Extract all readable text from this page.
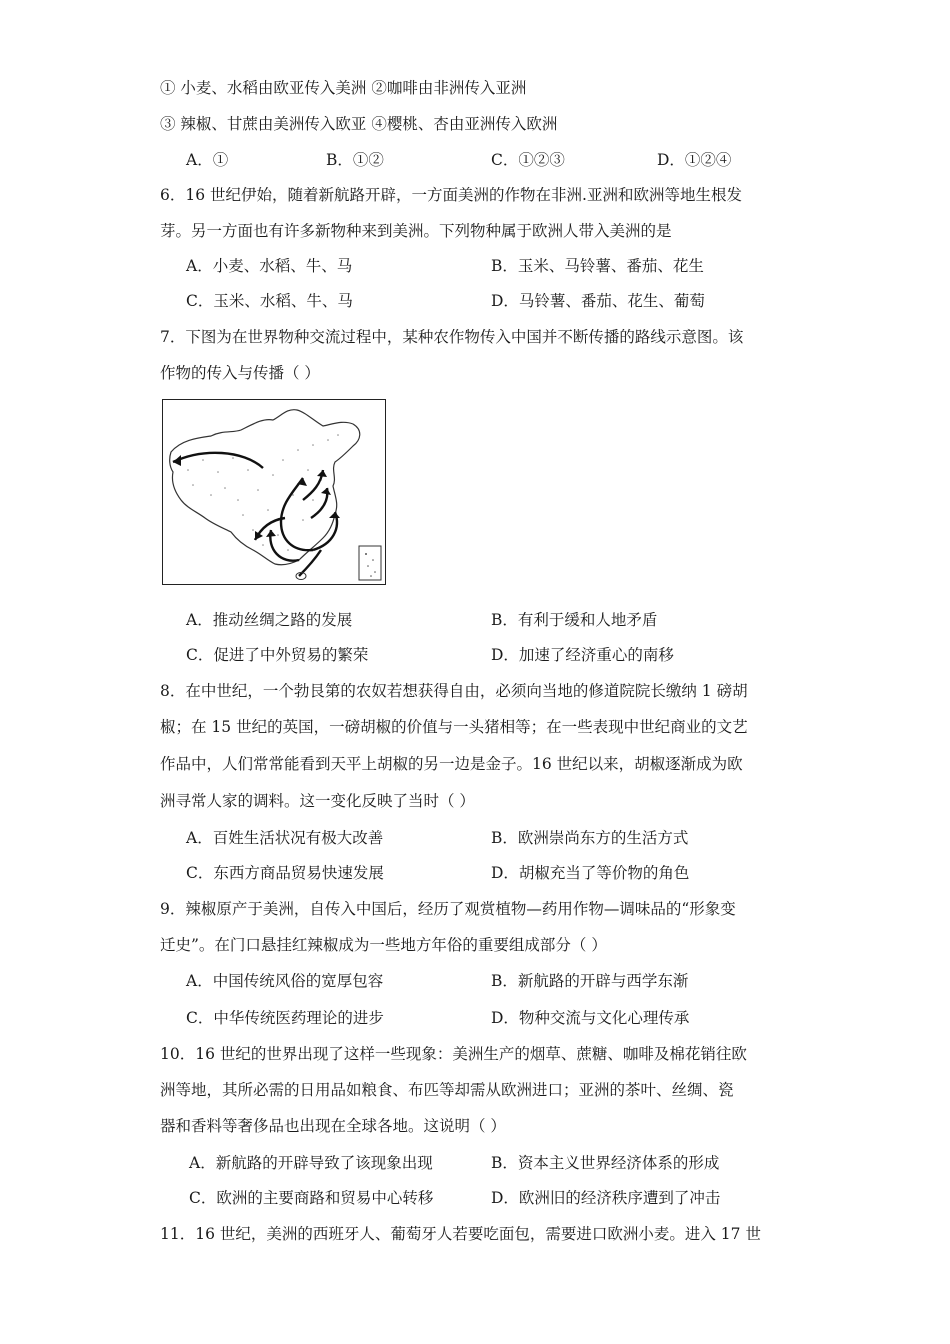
① 小麦、水稻由欧亚传入美洲 ②咖啡由非洲传入亚洲
③ 辣椒、甘蔗由美洲传入欧亚 ④樱桃、杏由亚洲传入欧洲
A．①	B．①②	C．①②③	D．①②④
6．16 世纪伊始，随着新航路开辟，一方面美洲的作物在非洲.亚洲和欧洲等地生根发
芽。另一方面也有许多新物种来到美洲。下列物种属于欧洲人带入美洲的是
A．小麦、水稻、牛、马	B．玉米、马铃薯、番茄、花生
C．玉米、水稻、牛、马	D．马铃薯、番茄、花生、葡萄
7．下图为在世界物种交流过程中，某种农作物传入中国并不断传播的路线示意图。该
作物的传入与传播（ ）
A．推动丝绸之路的发展	B．有利于缓和人地矛盾
C．促进了中外贸易的繁荣	D．加速了经济重心的南移
8．在中世纪，一个勃艮第的农奴若想获得自由，必须向当地的修道院院长缴纳 1 磅胡
椒；在 15 世纪的英国，一磅胡椒的价值与一头猪相等；在一些表现中世纪商业的文艺
作品中，人们常常能看到天平上胡椒的另一边是金子。16 世纪以来，胡椒逐渐成为欧
洲寻常人家的调料。这一变化反映了当时（ ）
A．百姓生活状况有极大改善	B．欧洲崇尚东方的生活方式
C．东西方商品贸易快速发展	D．胡椒充当了等价物的角色
9．辣椒原产于美洲，自传入中国后，经历了观赏植物—药用作物—调味品的“形象变
迁史”。在门口悬挂红辣椒成为一些地方年俗的重要组成部分（ ）
A．中国传统风俗的宽厚包容	B．新航路的开辟与西学东渐
C．中华传统医药理论的进步	D．物种交流与文化心理传承
10．16 世纪的世界出现了这样一些现象：美洲生产的烟草、蔗糖、咖啡及棉花销往欧
洲等地，其所必需的日用品如粮食、布匹等却需从欧洲进口；亚洲的茶叶、丝绸、瓷
器和香料等奢侈品也出现在全球各地。这说明（ ）
A．新航路的开辟导致了该现象出现	B．资本主义世界经济体系的形成
C．欧洲的主要商路和贸易中心转移	D．欧洲旧的经济秩序遭到了冲击
11．16 世纪，美洲的西班牙人、葡萄牙人若要吃面包，需要进口欧洲小麦。进入 17 世
